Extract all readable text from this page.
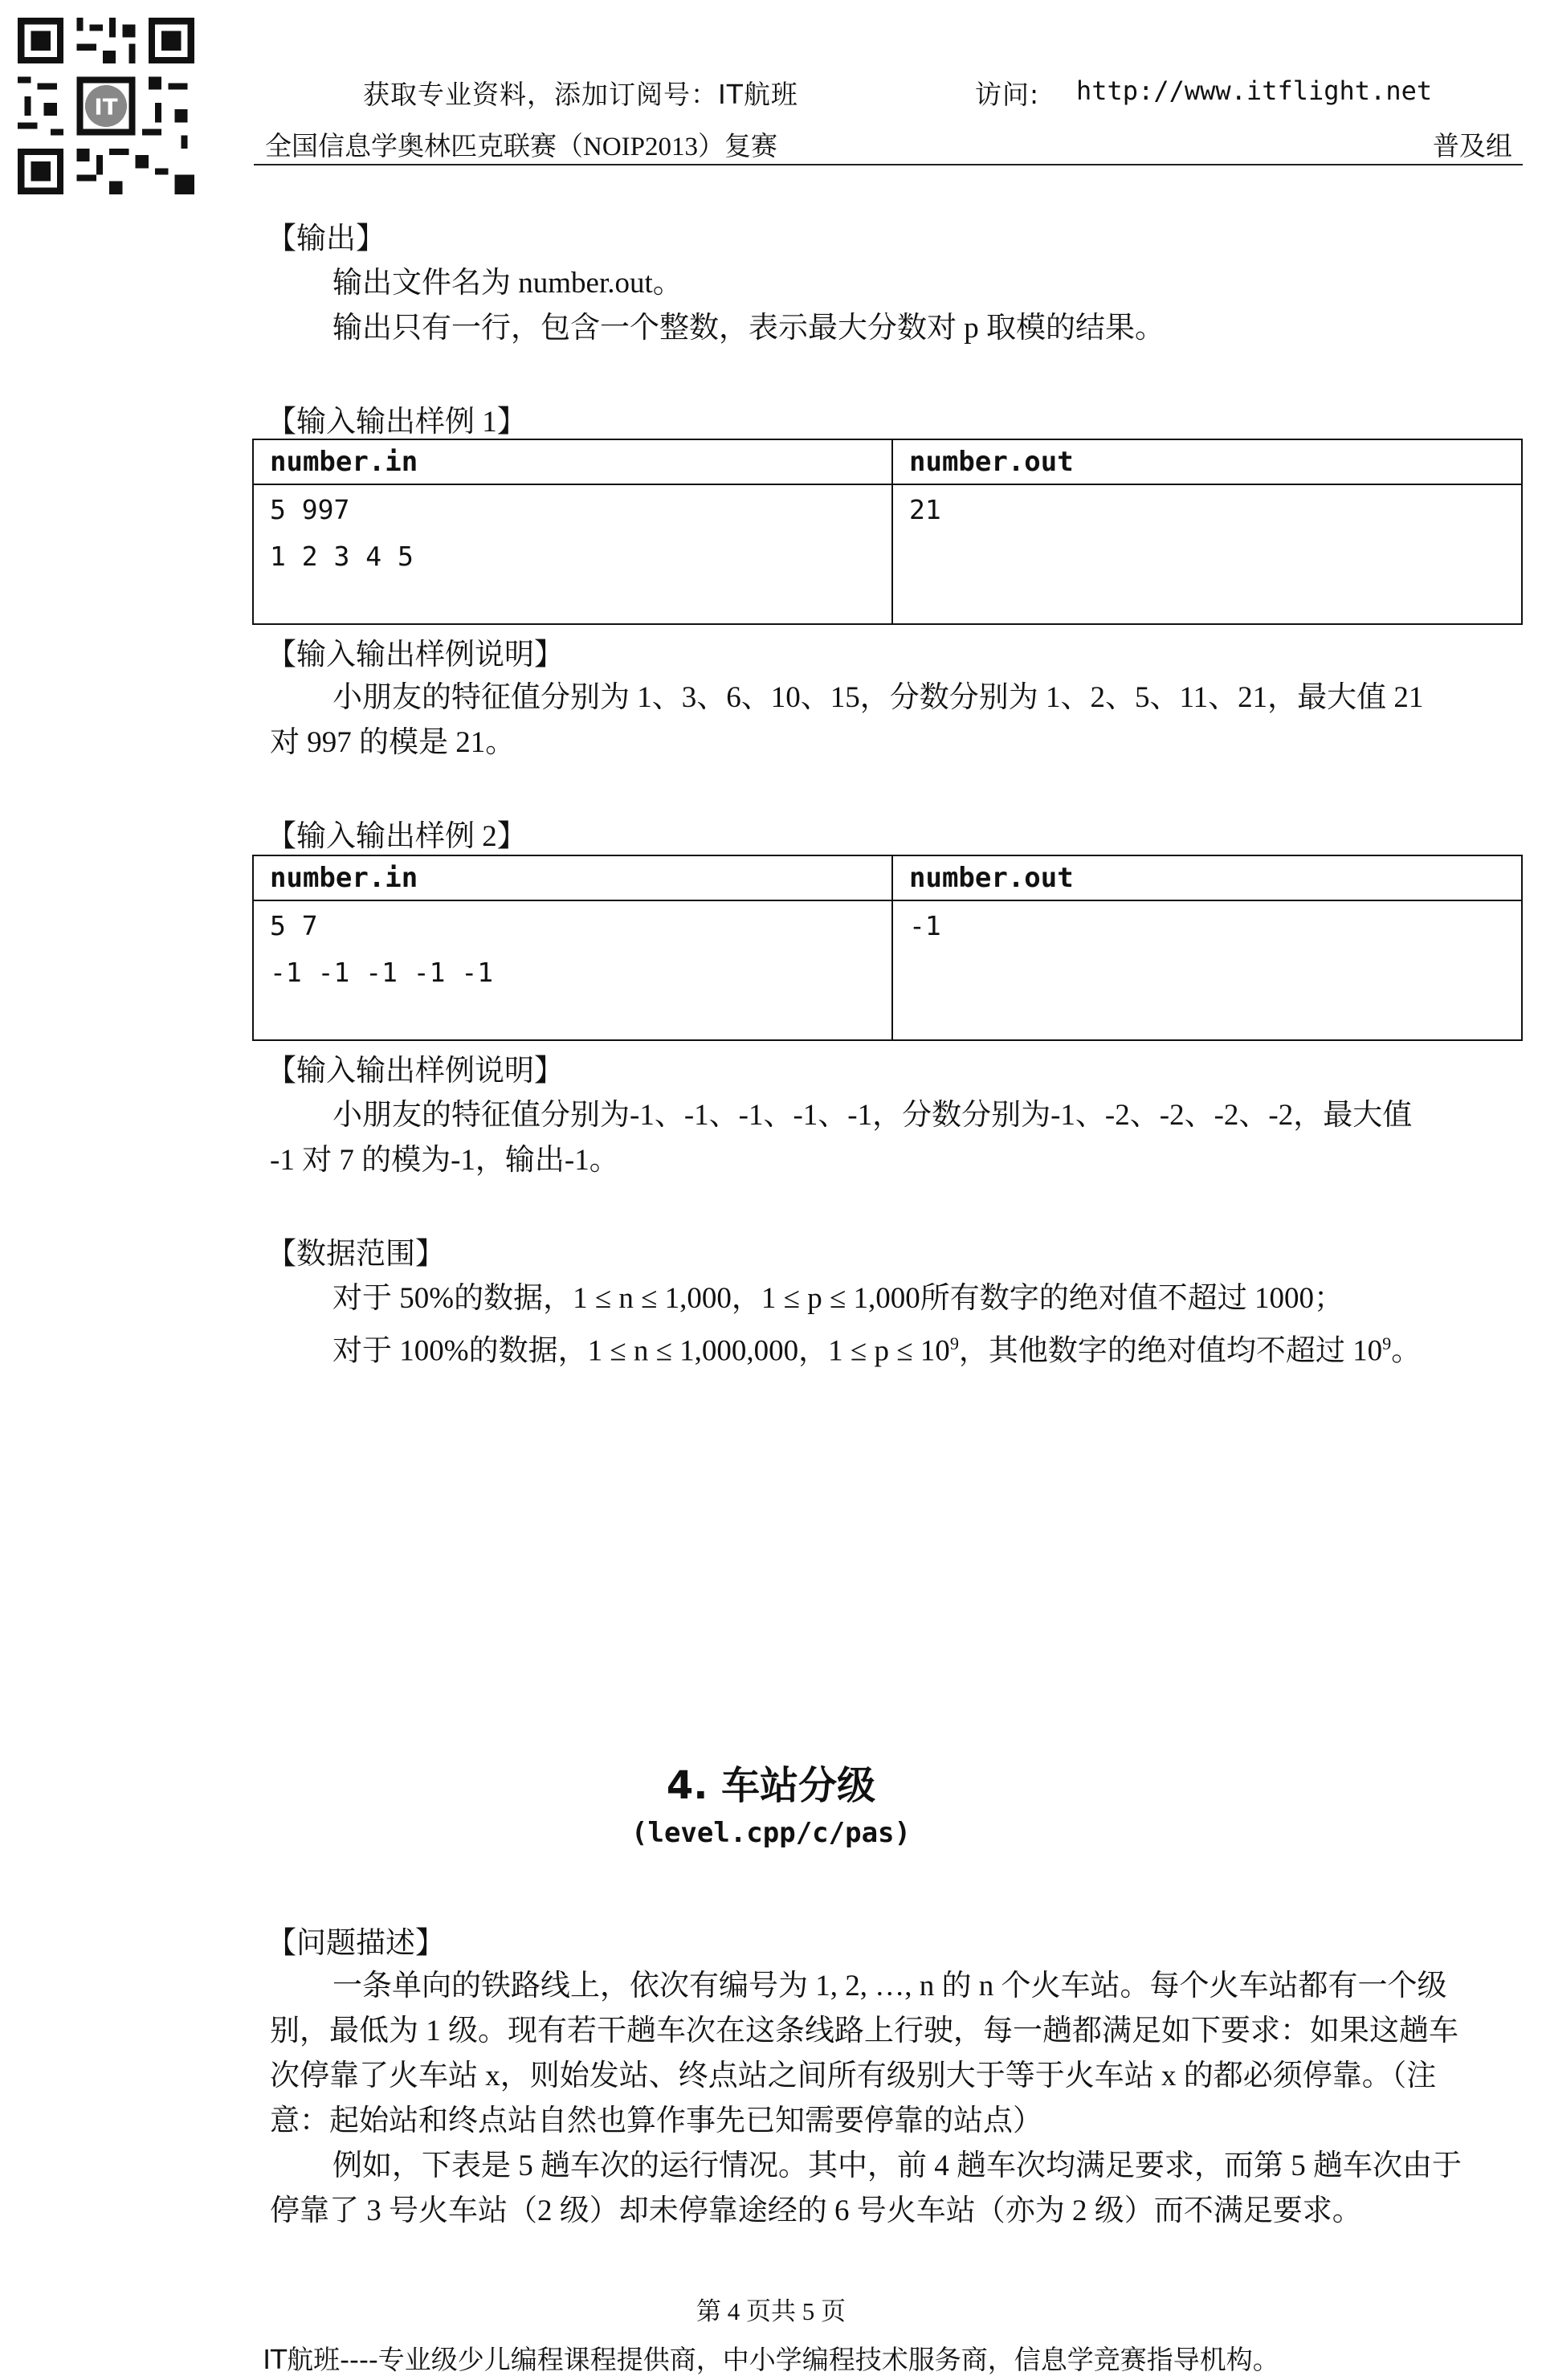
IT	获取专业资料，添加订阅号：IT航班	访问: http://www.itflight.net
全国信息学奥林匹克联赛（NOIP2013）复赛	普及组
【输出】
输出文件名为 number.out。
输出只有一行，包含一个整数，表示最大分数对 p 取模的结果。
【输入输出样例 1】
number.in	number.out

5 997
1 2 3 4 5	21
【输入输出样例说明】
小朋友的特征值分别为 1、3、6、10、15，分数分别为 1、2、5、11、21，最大值 21
对 997 的模是 21。
【输入输出样例 2】
number.in	number.out

5 7
-1 -1 -1 -1 -1	-1
【输入输出样例说明】
小朋友的特征值分别为-1、-1、-1、-1、-1，分数分别为-1、-2、-2、-2、-2，最大值
-1 对 7 的模为-1，输出-1。
【数据范围】
对于 50%的数据，1 ≤ n ≤ 1,000，1 ≤ p ≤ 1,000所有数字的绝对值不超过 1000；
对于 100%的数据，1 ≤ n ≤ 1,000,000，$1 \le p \le 10^9$，其他数字的绝对值均不超过 $10^9$。
4. 车站分级
(level.cpp/c/pas)
【问题描述】
一条单向的铁路线上，依次有编号为 1, 2, …, n 的 n 个火车站。每个火车站都有一个级
别，最低为 1 级。现有若干趟车次在这条线路上行驶，每一趟都满足如下要求：如果这趟车
次停靠了火车站 x，则始发站、终点站之间所有级别大于等于火车站 x 的都必须停靠。（注
意：起始站和终点站自然也算作事先已知需要停靠的站点）
例如，下表是 5 趟车次的运行情况。其中，前 4 趟车次均满足要求，而第 5 趟车次由于
停靠了 3 号火车站（2 级）却未停靠途经的 6 号火车站（亦为 2 级）而不满足要求。
第 4 页共 5 页
IT航班----专业级少儿编程课程提供商，中小学编程技术服务商，信息学竞赛指导机构。
